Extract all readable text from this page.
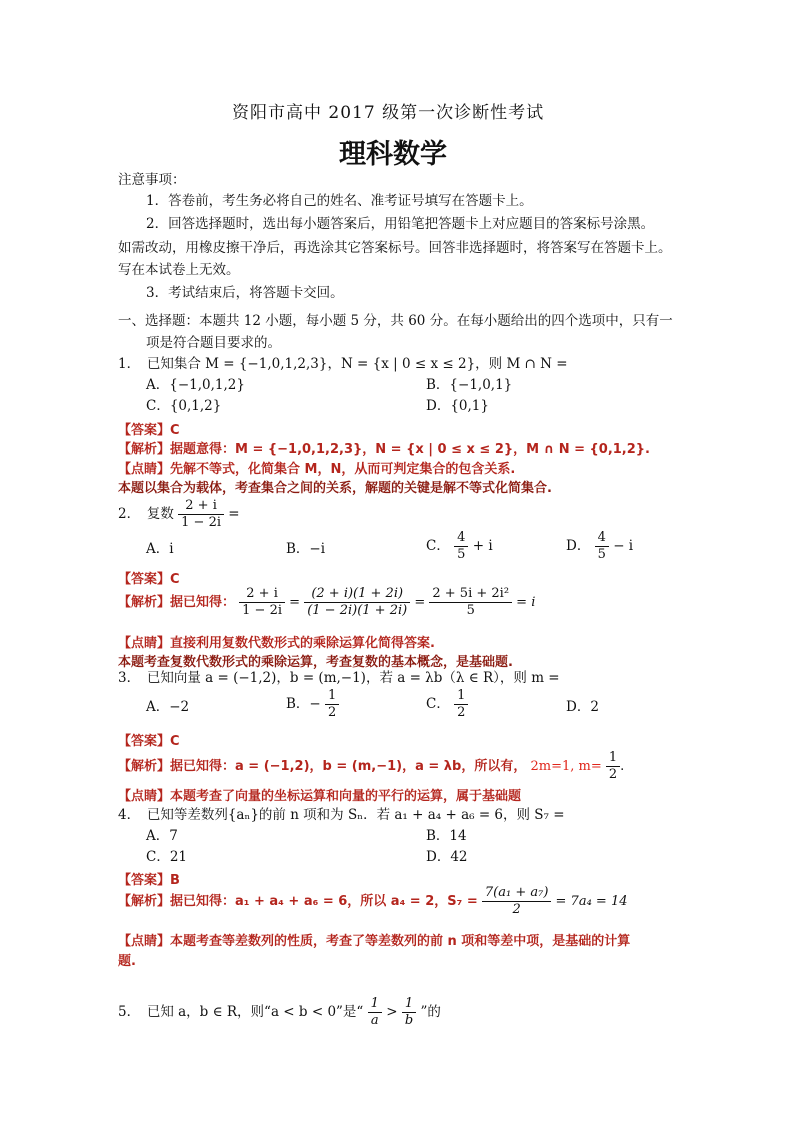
资阳市高中 2017 级第一次诊断性考试
理科数学
注意事项：
1．答卷前，考生务必将自己的姓名、准考证号填写在答题卡上。
2．回答选择题时，选出每小题答案后，用铅笔把答题卡上对应题目的答案标号涂黑。
如需改动，用橡皮擦干净后，再选涂其它答案标号。回答非选择题时，将答案写在答题卡上。
写在本试卷上无效。
3．考试结束后，将答题卡交回。
一、选择题：本题共 12 小题，每小题 5 分，共 60 分。在每小题给出的四个选项中，只有一
项是符合题目要求的。
1．　已知集合 M = {−1,0,1,2,3}，N = {x | 0 ≤ x ≤ 2}，则 M ∩ N =
A．{−1,0,1,2}	B．{−1,0,1}
C．{0,1,2}	D．{0,1}
【答案】C
【解析】据题意得：M = {−1,0,1,2,3}，N = {x | 0 ≤ x ≤ 2}，M ∩ N = {0,1,2}.
【点睛】先解不等式，化简集合 M，N，从而可判定集合的包含关系.
本题以集合为载体，考查集合之间的关系，解题的关键是解不等式化简集合.
2．　复数 $\frac{2 + i}{1 - 2i}$ =
A．i	B．−i	C． $\frac{4}{5} + i$	D． $\frac{4}{5} - i$
【答案】C
【解析】据已知得： $\frac{2 + i}{1 - 2i} = \frac{(2 + i)(1 + 2i)}{(1 - 2i)(1 + 2i)} = \frac{\text{2 + 5i + 2i²}}{5} = i$
【点睛】直接利用复数代数形式的乘除运算化简得答案.
本题考查复数代数形式的乘除运算，考查复数的基本概念，是基础题.
3．　已知向量 a = (−1,2)，b = (m,−1)，若 a = λb（λ ∈ R），则 m =
A．−2	B．− $\frac{1}{2}$	C． $\frac{1}{2}$	D．2
【答案】C
【解析】据已知得：a = (−1,2)，b = (m,−1)，a = λb，所以有， 2m=1, $m= \frac{1}{2}$ .
【点睛】本题考查了向量的坐标运算和向量的平行的运算，属于基础题
4．　已知等差数列{aₙ}的前 n 项和为 Sₙ．若 a₁ + a₄ + a₆ = 6，则 S₇ =
A．7	B．14
C．21	D．42
【答案】B
【解析】据已知得：a₁ + a₄ + a₆ = 6，所以 a₄ = 2，$S_7 = \frac{\text{7(a₁ + a₇)}}{2} = 7a_4 = 14$
【点睛】本题考查等差数列的性质，考查了等差数列的前 n 项和等差中项，是基础的计算
题.
5．　已知 a，b ∈ R，则“a < b < 0”是“ $\frac{1}{a} > \frac{1}{b}$ ”的
